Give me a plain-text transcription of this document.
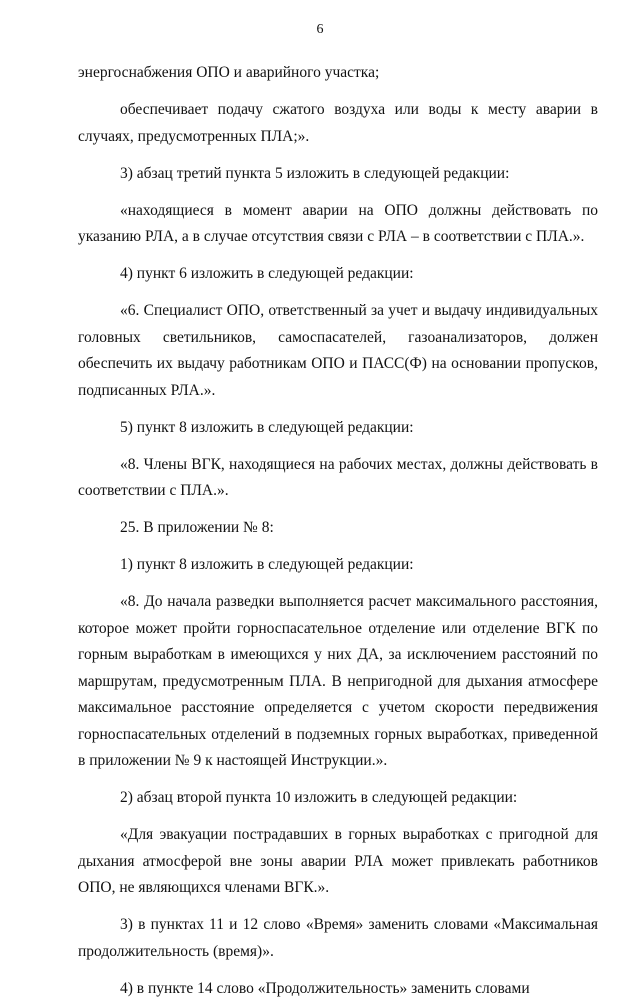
6

энергоснабжения ОПО и аварийного участка;

обеспечивает подачу сжатого воздуха или воды к месту аварии в случаях, предусмотренных ПЛА;».

3) абзац третий пункта 5 изложить в следующей редакции:

«находящиеся в момент аварии на ОПО должны действовать по указанию РЛА, а в случае отсутствия связи с РЛА – в соответствии с ПЛА.».

4) пункт 6 изложить в следующей редакции:

«6. Специалист ОПО, ответственный за учет и выдачу индивидуальных головных светильников, самоспасателей, газоанализаторов, должен обеспечить их выдачу работникам ОПО и ПАСС(Ф) на основании пропусков, подписанных РЛА.».

5) пункт 8 изложить в следующей редакции:

«8. Члены ВГК, находящиеся на рабочих местах, должны действовать в соответствии с ПЛА.».

25. В приложении № 8:

1) пункт 8 изложить в следующей редакции:

«8. До начала разведки выполняется расчет максимального расстояния, которое может пройти горноспасательное отделение или отделение ВГК по горным выработкам в имеющихся у них ДА, за исключением расстояний по маршрутам, предусмотренным ПЛА. В непригодной для дыхания атмосфере максимальное расстояние определяется с учетом скорости передвижения горноспасательных отделений в подземных горных выработках, приведенной в приложении № 9 к настоящей Инструкции.».

2) абзац второй пункта 10 изложить в следующей редакции:

«Для эвакуации пострадавших в горных выработках с пригодной для дыхания атмосферой вне зоны аварии РЛА может привлекать работников ОПО, не являющихся членами ВГК.».

3) в пунктах 11 и 12 слово «Время» заменить словами «Максимальная продолжительность (время)».

4) в пункте 14 слово «Продолжительность» заменить словами
